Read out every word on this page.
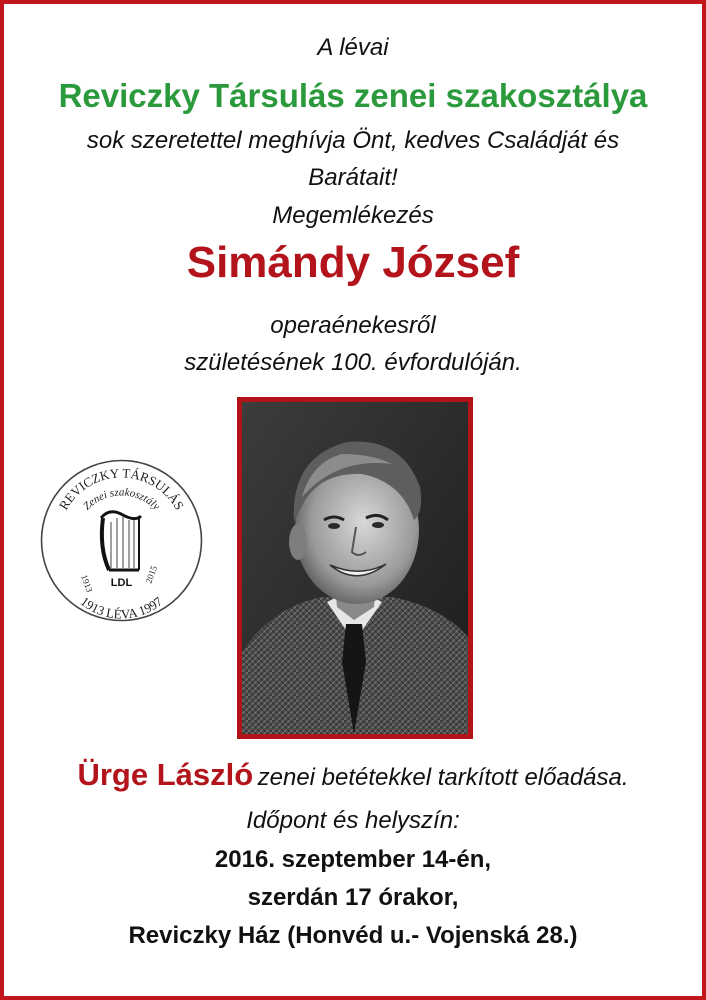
A lévai
Reviczky Társulás zenei szakosztálya
sok szeretettel meghívja Önt, kedves Családját és
Barátait!
Megemlékezés
Simándy József
operaénekesről
születésének 100. évfordulóján.
REVICZKY TÁRSULÁS
Zenei szakosztály
1913	2015
LDL
1913 LÉVA 1997
Ürge László zenei betétekkel tarkított előadása.
Időpont és helyszín:
2016. szeptember 14-én,
szerdán 17 órakor,
Reviczky Ház (Honvéd u.- Vojenská 28.)
